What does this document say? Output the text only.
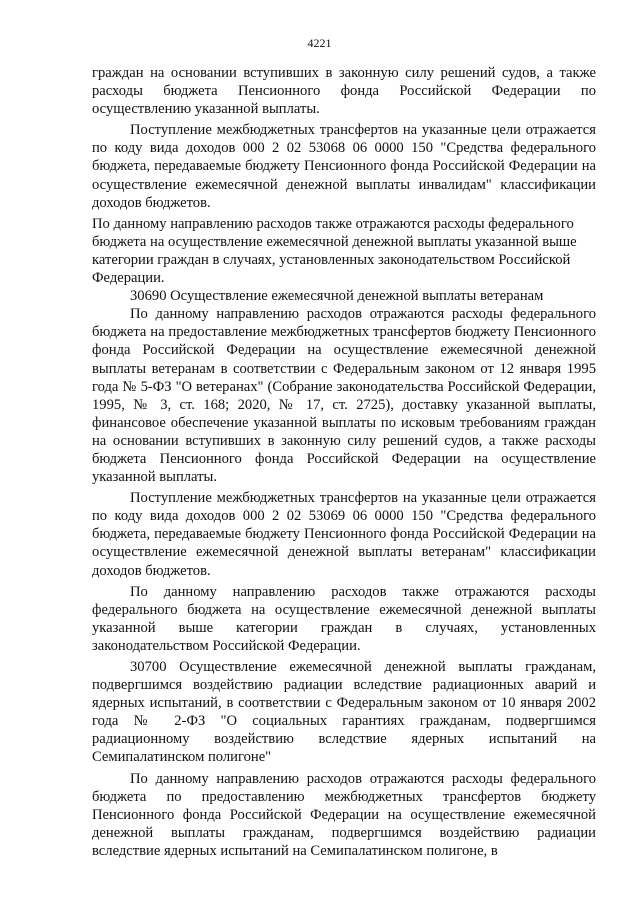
4221

граждан на основании вступивших в законную силу решений судов, а также расходы бюджета Пенсионного фонда Российской Федерации по осуществлению указанной выплаты.

Поступление межбюджетных трансфертов на указанные цели отражается по коду вида доходов 000 2 02 53068 06 0000 150 "Средства федерального бюджета, передаваемые бюджету Пенсионного фонда Российской Федерации на осуществление ежемесячной денежной выплаты инвалидам" классификации доходов бюджетов.

По данному направлению расходов также отражаются расходы федерального бюджета на осуществление ежемесячной денежной выплаты указанной выше категории граждан в случаях, установленных законодательством Российской Федерации.

30690 Осуществление ежемесячной денежной выплаты ветеранам

По данному направлению расходов отражаются расходы федерального бюджета на предоставление межбюджетных трансфертов бюджету Пенсионного фонда Российской Федерации на осуществление ежемесячной денежной выплаты ветеранам в соответствии с Федеральным законом от 12 января 1995 года № 5-ФЗ "О ветеранах" (Собрание законодательства Российской Федерации, 1995, № 3, ст. 168; 2020, № 17, ст. 2725), доставку указанной выплаты, финансовое обеспечение указанной выплаты по исковым требованиям граждан на основании вступивших в законную силу решений судов, а также расходы бюджета Пенсионного фонда Российской Федерации на осуществление указанной выплаты.

Поступление межбюджетных трансфертов на указанные цели отражается по коду вида доходов 000 2 02 53069 06 0000 150 "Средства федерального бюджета, передаваемые бюджету Пенсионного фонда Российской Федерации на осуществление ежемесячной денежной выплаты ветеранам" классификации доходов бюджетов.

По данному направлению расходов также отражаются расходы федерального бюджета на осуществление ежемесячной денежной выплаты указанной выше категории граждан в случаях, установленных законодательством Российской Федерации.

30700 Осуществление ежемесячной денежной выплаты гражданам, подвергшимся воздействию радиации вследствие радиационных аварий и ядерных испытаний, в соответствии с Федеральным законом от 10 января 2002 года № 2-ФЗ "О социальных гарантиях гражданам, подвергшимся радиационному воздействию вследствие ядерных испытаний на Семипалатинском полигоне"

По данному направлению расходов отражаются расходы федерального бюджета по предоставлению межбюджетных трансфертов бюджету Пенсионного фонда Российской Федерации на осуществление ежемесячной денежной выплаты гражданам, подвергшимся воздействию радиации вследствие ядерных испытаний на Семипалатинском полигоне, в
